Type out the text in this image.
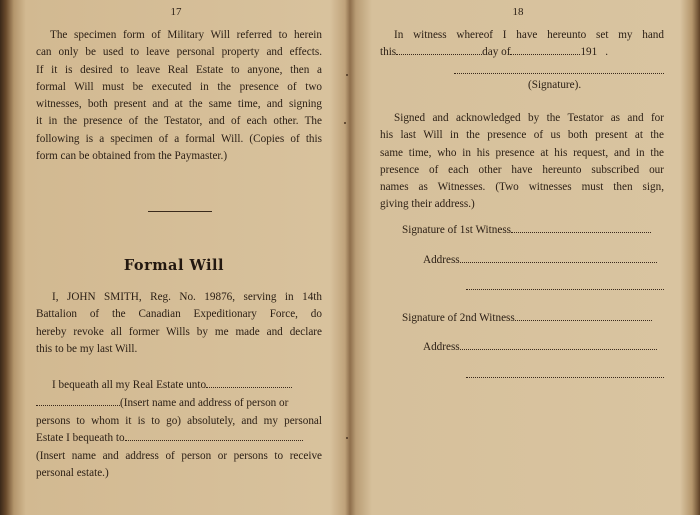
17
The specimen form of Military Will referred to herein
can only be used to leave personal property and effects.
If it is desired to leave Real Estate to anyone, then a
formal Will must be executed in the presence of two
witnesses, both present and at the same time, and signing
it in the presence of the Testator, and of each other. The
following is a specimen of a formal Will. (Copies of this
form can be obtained from the Paymaster.)
Formal Will
I, JOHN SMITH, Reg. No. 19876, serving in 14th
Battalion of the Canadian Expeditionary Force, do
hereby revoke all former Wills by me made and declare
this to be my last Will.
I bequeath all my Real Estate unto
(Insert name and address of person or
persons to whom it is to go) absolutely, and my personal
Estate I bequeath to
(Insert name and address of person or persons to receive
personal estate.)
18
In witness whereof I have hereunto set my hand
this	day of	191 .
(Signature).
Signed and acknowledged by the Testator as and for
his last Will in the presence of us both present at the
same time, who in his presence at his request, and in the
presence of each other have hereunto subscribed our
names as Witnesses. (Two witnesses must then sign,
giving their address.)
Signature of 1st Witness
Address
Signature of 2nd Witness
Address
